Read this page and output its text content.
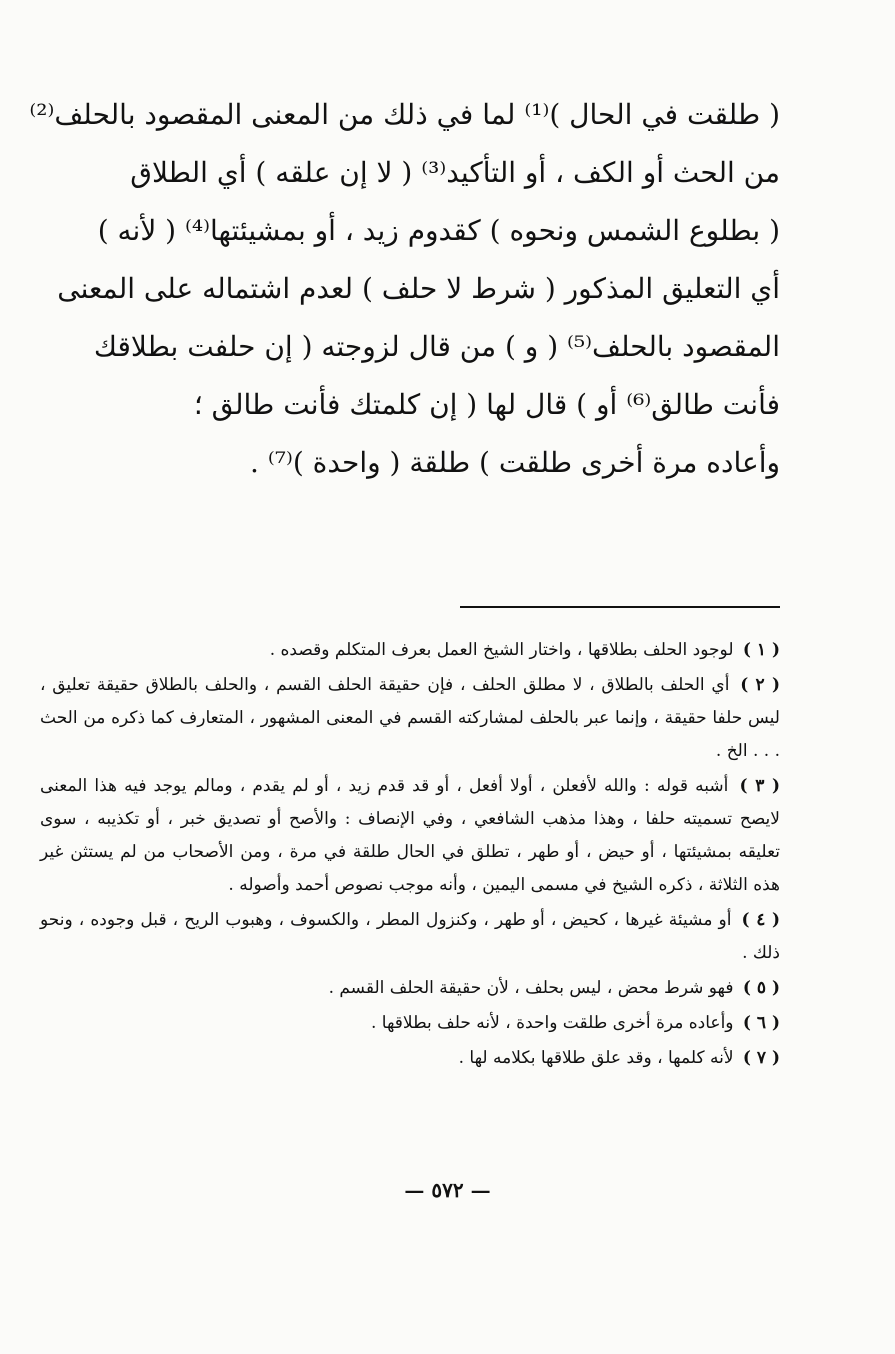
( طلقت في الحال )⁽¹⁾ لما في ذلك من المعنى المقصود بالحلف⁽²⁾
من الحث أو الكف ، أو التأكيد⁽³⁾ ( لا إن علقه ) أي الطلاق
( بطلوع الشمس ونحوه ) كقدوم زيد ، أو بمشيئتها⁽⁴⁾ ( لأنه )
أي التعليق المذكور ( شرط لا حلف ) لعدم اشتماله على المعنى
المقصود بالحلف⁽⁵⁾ ( و ) من قال لزوجته ( إن حلفت بطلاقك
فأنت طالق⁽⁶⁾ أو ) قال لها ( إن كلمتك فأنت طالق ؛
وأعاده مرة أخرى طلقت ) طلقة ( واحدة )⁽⁷⁾ .
( ١ ) لوجود الحلف بطلاقها ، واختار الشيخ العمل بعرف المتكلم وقصده .
( ٢ ) أي الحلف بالطلاق ، لا مطلق الحلف ، فإن حقيقة الحلف القسم ، والحلف بالطلاق حقيقة تعليق ، ليس حلفا حقيقة ، وإنما عبر بالحلف لمشاركته القسم في المعنى المشهور ، المتعارف كما ذكره من الحث . . . الخ .
( ٣ ) أشبه قوله : والله لأفعلن ، أولا أفعل ، أو قد قدم زيد ، أو لم يقدم ، ومالم يوجد فيه هذا المعنى لايصح تسميته حلفا ، وهذا مذهب الشافعي ، وفي الإنصاف : والأصح أو تصديق خبر ، أو تكذيبه ، سوى تعليقه بمشيئتها ، أو حيض ، أو طهر ، تطلق في الحال طلقة في مرة ، ومن الأصحاب من لم يستثن غير هذه الثلاثة ، ذكره الشيخ في مسمى اليمين ، وأنه موجب نصوص أحمد وأصوله .
( ٤ ) أو مشيئة غيرها ، كحيض ، أو طهر ، وكنزول المطر ، والكسوف ، وهبوب الريح ، قبل وجوده ، ونحو ذلك .
( ٥ ) فهو شرط محض ، ليس بحلف ، لأن حقيقة الحلف القسم .
( ٦ ) وأعاده مرة أخرى طلقت واحدة ، لأنه حلف بطلاقها .
( ٧ ) لأنه كلمها ، وقد علق طلاقها بكلامه لها .
— ٥٧٢ —
